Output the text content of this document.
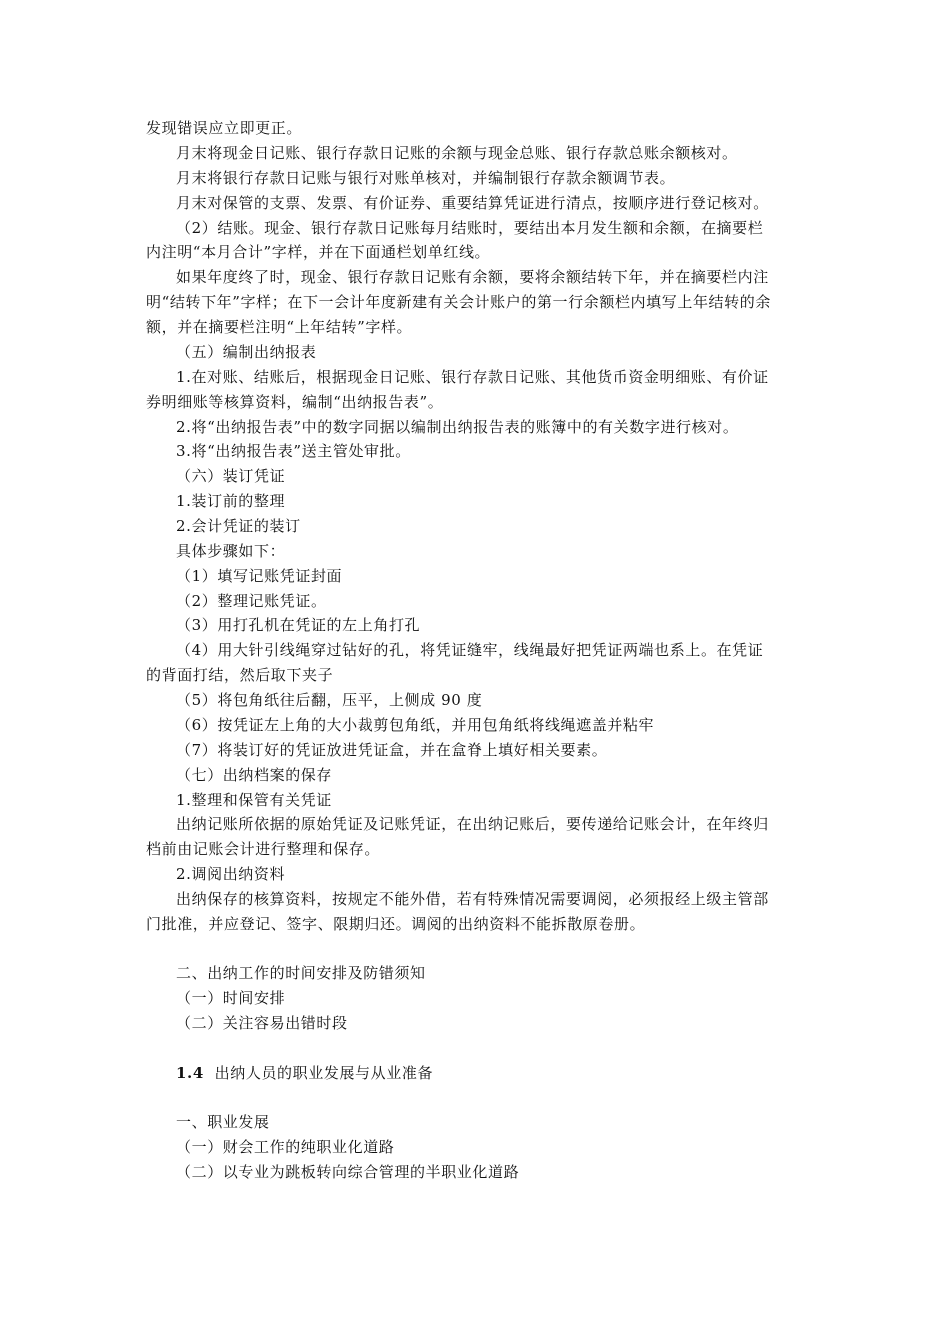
发现错误应立即更正。
月末将现金日记账、银行存款日记账的余额与现金总账、银行存款总账余额核对。
月末将银行存款日记账与银行对账单核对，并编制银行存款余额调节表。
月末对保管的支票、发票、有价证券、重要结算凭证进行清点，按顺序进行登记核对。
（2）结账。现金、银行存款日记账每月结账时，要结出本月发生额和余额，在摘要栏
内注明“本月合计”字样，并在下面通栏划单红线。
如果年度终了时，现金、银行存款日记账有余额，要将余额结转下年，并在摘要栏内注
明“结转下年”字样；在下一会计年度新建有关会计账户的第一行余额栏内填写上年结转的余
额，并在摘要栏注明“上年结转”字样。
（五）编制出纳报表
1.在对账、结账后，根据现金日记账、银行存款日记账、其他货币资金明细账、有价证
券明细账等核算资料，编制“出纳报告表”。
2.将“出纳报告表”中的数字同据以编制出纳报告表的账簿中的有关数字进行核对。
3.将“出纳报告表”送主管处审批。
（六）装订凭证
1.装订前的整理
2.会计凭证的装订
具体步骤如下：
（1）填写记账凭证封面
（2）整理记账凭证。
（3）用打孔机在凭证的左上角打孔
（4）用大针引线绳穿过钻好的孔，将凭证缝牢，线绳最好把凭证两端也系上。在凭证
的背面打结，然后取下夹子
（5）将包角纸往后翻，压平，上侧成 90 度
（6）按凭证左上角的大小裁剪包角纸，并用包角纸将线绳遮盖并粘牢
（7）将装订好的凭证放进凭证盒，并在盒脊上填好相关要素。
（七）出纳档案的保存
1.整理和保管有关凭证
出纳记账所依据的原始凭证及记账凭证，在出纳记账后，要传递给记账会计，在年终归
档前由记账会计进行整理和保存。
2.调阅出纳资料
出纳保存的核算资料，按规定不能外借，若有特殊情况需要调阅，必须报经上级主管部
门批准，并应登记、签字、限期归还。调阅的出纳资料不能拆散原卷册。
二、出纳工作的时间安排及防错须知
（一）时间安排
（二）关注容易出错时段
1.4 出纳人员的职业发展与从业准备
一、职业发展
（一）财会工作的纯职业化道路
（二）以专业为跳板转向综合管理的半职业化道路
